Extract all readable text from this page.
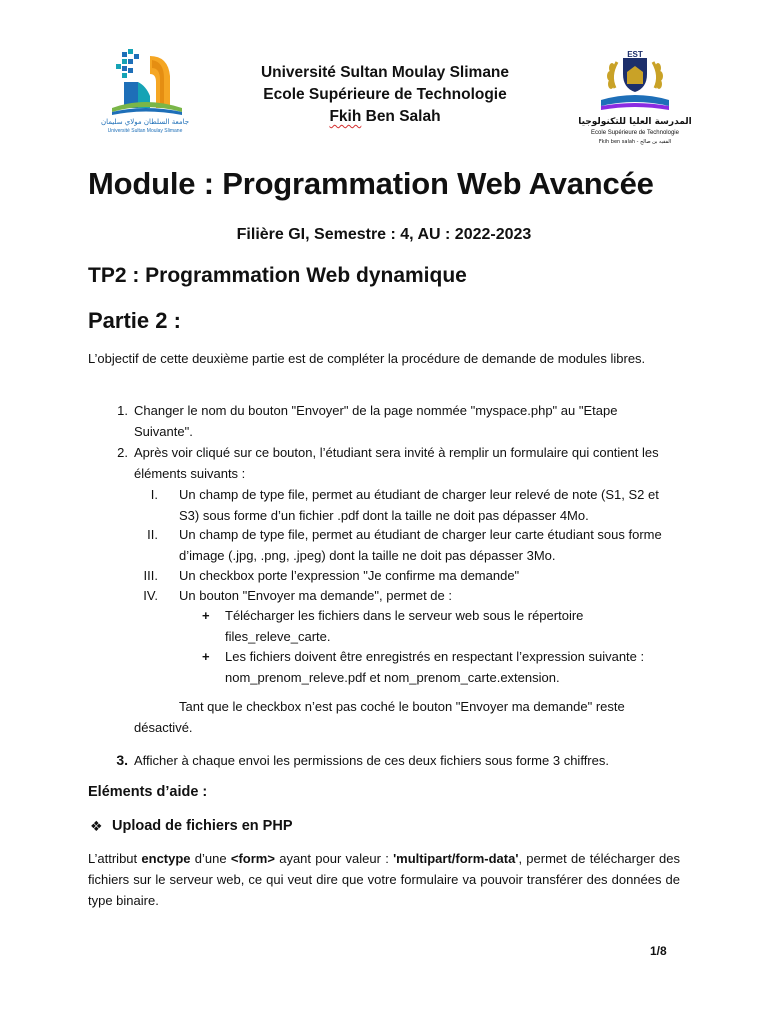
جامعة السلطان مولاي سليمان
Université Sultan Moulay Slimane
Université Sultan Moulay Slimane
Ecole Supérieure de Technologie
Fkih Ben Salah
EST
المدرسة العليا للتكنولوجيا
Ecole Supérieure de Technologie
Fkih ben salah - الفقيه بن صالح
Module : Programmation Web Avancée
Filière GI, Semestre : 4, AU : 2022-2023
TP2 : Programmation Web dynamique
Partie 2 :
L’objectif de cette deuxième partie est de compléter la procédure de demande de modules libres.
1. Changer le nom du bouton "Envoyer" de la page nommée "myspace.php" au "Etape Suivante".
2. Après voir cliqué sur ce bouton, l’étudiant sera invité à remplir un formulaire qui contient les éléments suivants :
I. Un champ de type file, permet au étudiant de charger leur relevé de note (S1, S2 et S3) sous forme d’un fichier .pdf dont la taille ne doit pas dépasser 4Mo.
II. Un champ de type file, permet au étudiant de charger leur carte étudiant sous forme d’image (.jpg, .png, .jpeg) dont la taille ne doit pas dépasser 3Mo.
III. Un checkbox porte l’expression "Je confirme ma demande"
IV. Un bouton "Envoyer ma demande", permet de :
+ Télécharger les fichiers dans le serveur web sous le répertoire files_releve_carte.
+ Les fichiers doivent être enregistrés en respectant l’expression suivante : nom_prenom_releve.pdf et nom_prenom_carte.extension.
Tant que le checkbox n’est pas coché le bouton "Envoyer ma demande" reste désactivé.
3. Afficher à chaque envoi les permissions de ces deux fichiers sous forme 3 chiffres.
Eléments d’aide :
❖ Upload de fichiers en PHP
L’attribut enctype d’une <form> ayant pour valeur : 'multipart/form-data', permet de télécharger des fichiers sur le serveur web, ce qui veut dire que votre formulaire va pouvoir transférer des données de type binaire.
1/8
